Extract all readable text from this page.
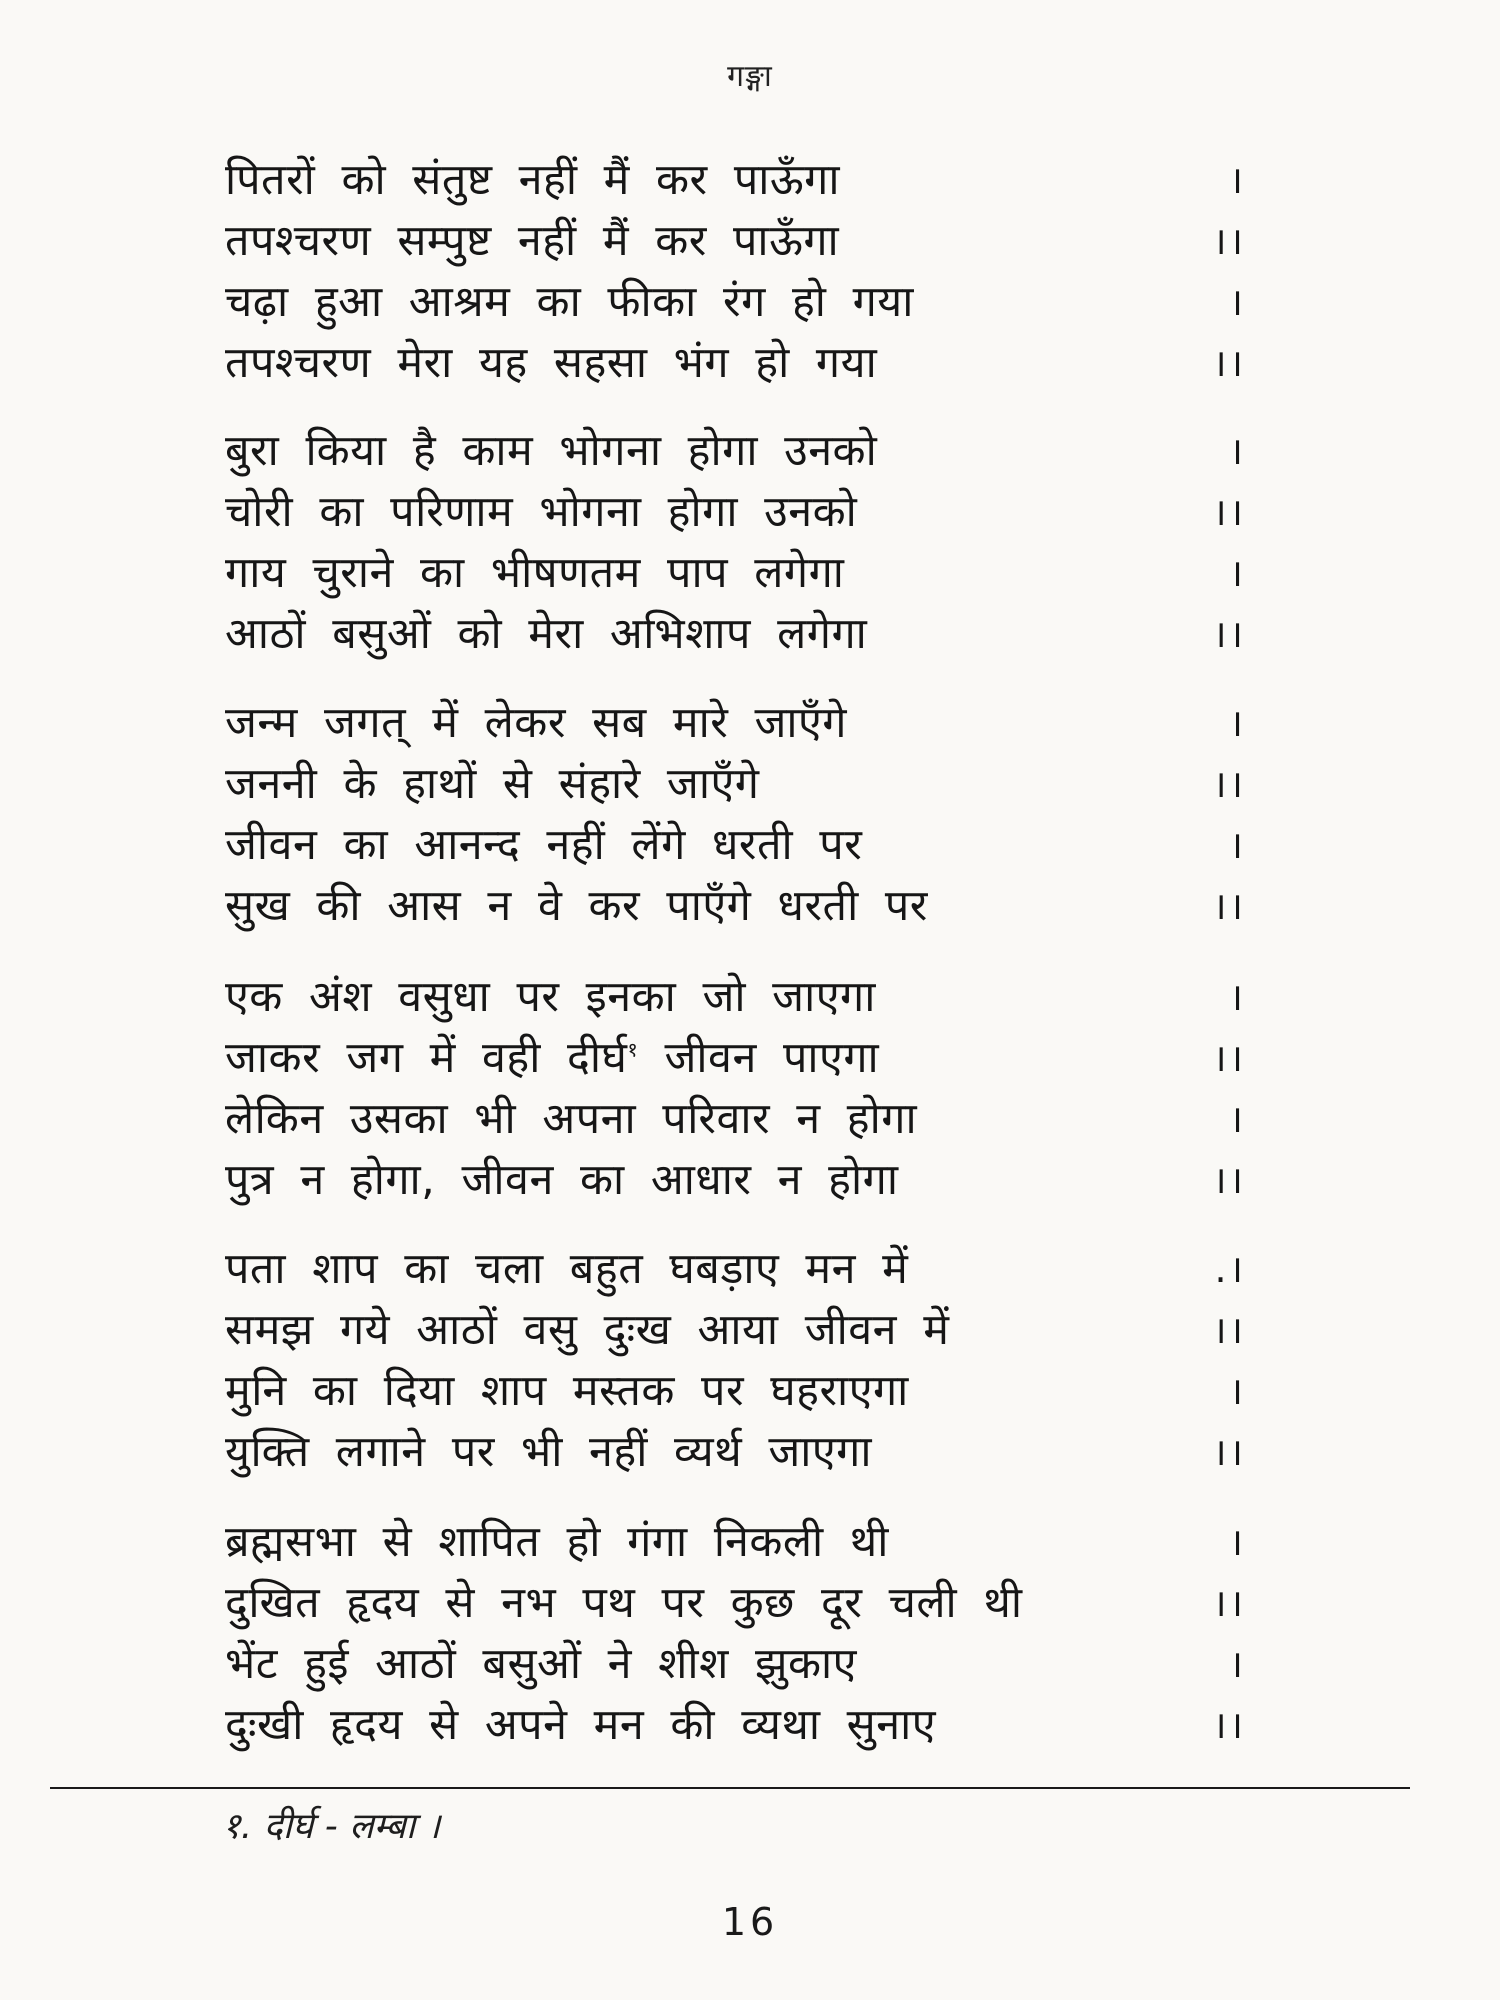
गङ्गा
पितरों को संतुष्ट नहीं मैं कर पाऊँगा	।
तपश्चरण सम्पुष्ट नहीं मैं कर पाऊँगा	।।
चढ़ा हुआ आश्रम का फीका रंग हो गया	।
तपश्चरण मेरा यह सहसा भंग हो गया	।।
बुरा किया है काम भोगना होगा उनको	।
चोरी का परिणाम भोगना होगा उनको	।।
गाय चुराने का भीषणतम पाप लगेगा	।
आठों बसुओं को मेरा अभिशाप लगेगा	।।
जन्म जगत् में लेकर सब मारे जाएँगे	।
जननी के हाथों से संहारे जाएँगे	।।
जीवन का आनन्द नहीं लेंगे धरती पर	।
सुख की आस न वे कर पाएँगे धरती पर	।।
एक अंश वसुधा पर इनका जो जाएगा	।
जाकर जग में वही दीर्घ$^१$ जीवन पाएगा	।।
लेकिन उसका भी अपना परिवार न होगा	।
पुत्र न होगा, जीवन का आधार न होगा	।।
पता शाप का चला बहुत घबड़ाए मन में	.।
समझ गये आठों वसु दुःख आया जीवन में	।।
मुनि का दिया शाप मस्तक पर घहराएगा	।
युक्ति लगाने पर भी नहीं व्यर्थ जाएगा	।।
ब्रह्मसभा से शापित हो गंगा निकली थी	।
दुखित हृदय से नभ पथ पर कुछ दूर चली थी	।।
भेंट हुई आठों बसुओं ने शीश झुकाए	।
दुःखी हृदय से अपने मन की व्यथा सुनाए	।।
१. दीर्घ - लम्बा ।
16
